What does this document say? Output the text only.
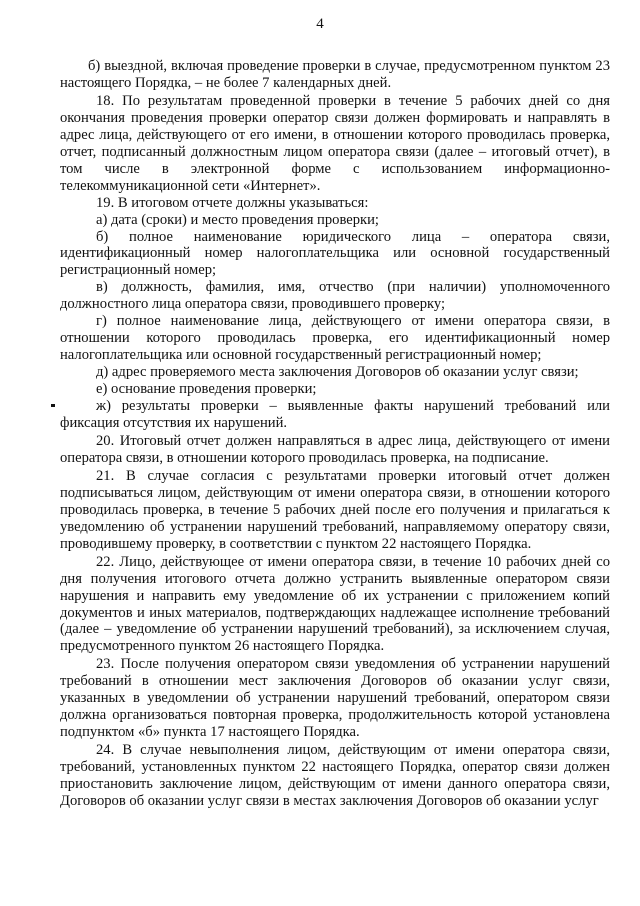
4

б) выездной, включая проведение проверки в случае, предусмотренном пунктом 23 настоящего Порядка, – не более 7 календарных дней.

18. По результатам проведенной проверки в течение 5 рабочих дней со дня окончания проведения проверки оператор связи должен формировать и направлять в адрес лица, действующего от его имени, в отношении которого проводилась проверка, отчет, подписанный должностным лицом оператора связи (далее – итоговый отчет), в том числе в электронной форме с использованием информационно-телекоммуникационной сети «Интернет».

19. В итоговом отчете должны указываться:

а) дата (сроки) и место проведения проверки;

б) полное наименование юридического лица – оператора связи, идентификационный номер налогоплательщика или основной государственный регистрационный номер;

в) должность, фамилия, имя, отчество (при наличии) уполномоченного должностного лица оператора связи, проводившего проверку;

г) полное наименование лица, действующего от имени оператора связи, в отношении которого проводилась проверка, его идентификационный номер налогоплательщика или основной государственный регистрационный номер;

д) адрес проверяемого места заключения Договоров об оказании услуг связи;

е) основание проведения проверки;

ж) результаты проверки – выявленные факты нарушений требований или фиксация отсутствия их нарушений.

20. Итоговый отчет должен направляться в адрес лица, действующего от имени оператора связи, в отношении которого проводилась проверка, на подписание.

21. В случае согласия с результатами проверки итоговый отчет должен подписываться лицом, действующим от имени оператора связи, в отношении которого проводилась проверка, в течение 5 рабочих дней после его получения и прилагаться к уведомлению об устранении нарушений требований, направляемому оператору связи, проводившему проверку, в соответствии с пунктом 22 настоящего Порядка.

22. Лицо, действующее от имени оператора связи, в течение 10 рабочих дней со дня получения итогового отчета должно устранить выявленные оператором связи нарушения и направить ему уведомление об их устранении с приложением копий документов и иных материалов, подтверждающих надлежащее исполнение требований (далее – уведомление об устранении нарушений требований), за исключением случая, предусмотренного пунктом 26 настоящего Порядка.

23. После получения оператором связи уведомления об устранении нарушений требований в отношении мест заключения Договоров об оказании услуг связи, указанных в уведомлении об устранении нарушений требований, оператором связи должна организоваться повторная проверка, продолжительность которой установлена подпунктом «б» пункта 17 настоящего Порядка.

24. В случае невыполнения лицом, действующим от имени оператора связи, требований, установленных пунктом 22 настоящего Порядка, оператор связи должен приостановить заключение лицом, действующим от имени данного оператора связи, Договоров об оказании услуг связи в местах заключения Договоров об оказании услуг
